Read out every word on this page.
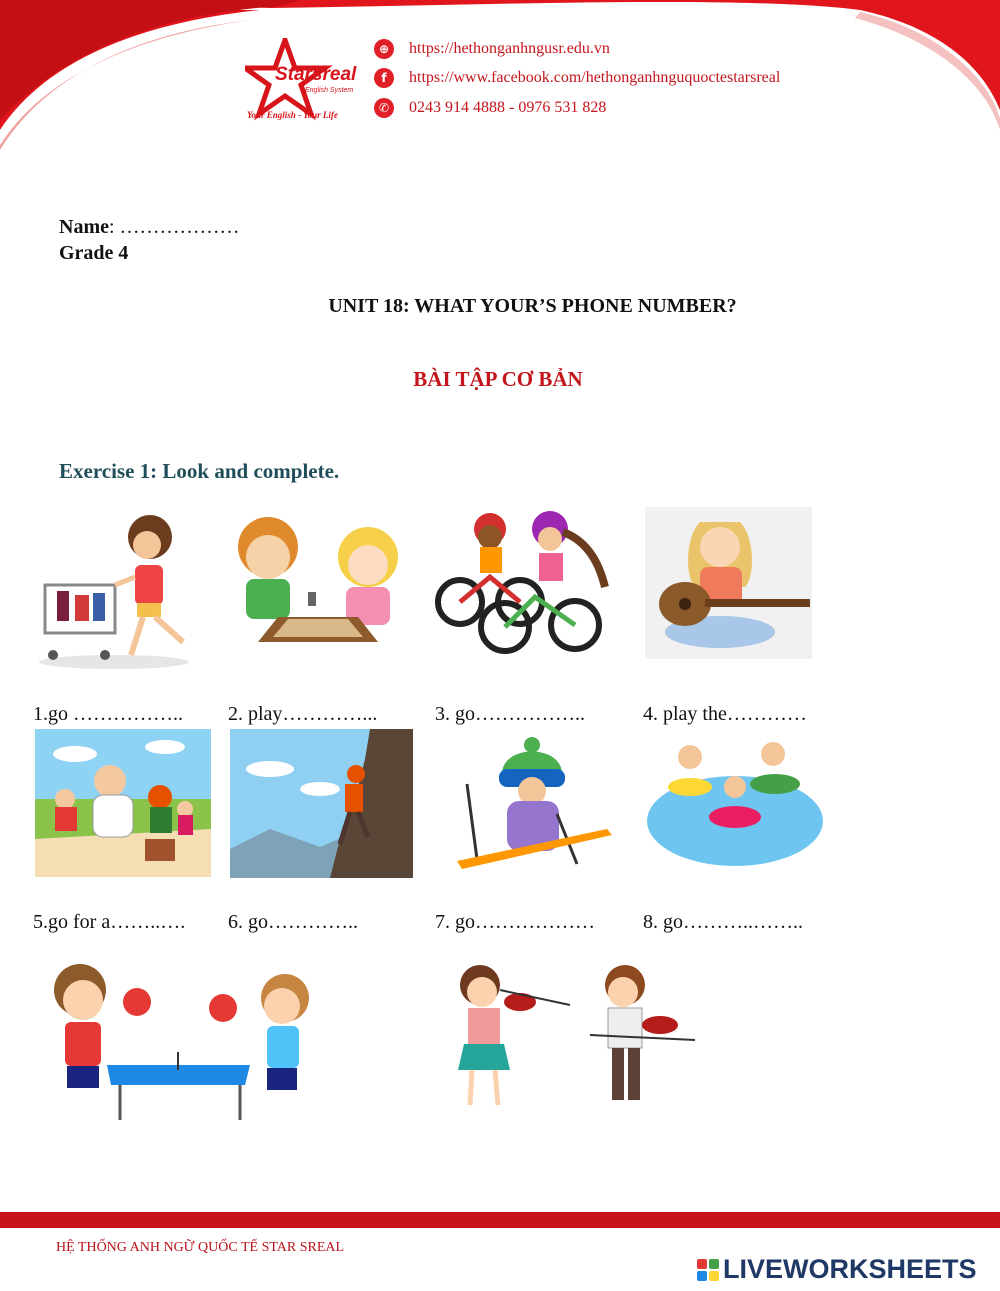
Starsreal
English System
Your English - Your Life
⊕	https://hethonganhngusr.edu.vn
f	https://www.facebook.com/hethonganhnguquoctestarsreal
✆	0243 914 4888 - 0976 531 828
Name: ………………
Grade 4
UNIT 18: WHAT YOUR’S PHONE NUMBER?
BÀI TẬP CƠ BẢN
Exercise 1: Look and complete.
1.go …………….. 2. play…………...	3. go……………..	4. play the…………
5.go for a……..…. 6. go…………..	7. go……………… 8. go………..……..
HỆ THỐNG ANH NGỮ QUỐC TẾ STAR SREAL
LIVEWORKSHEETS
